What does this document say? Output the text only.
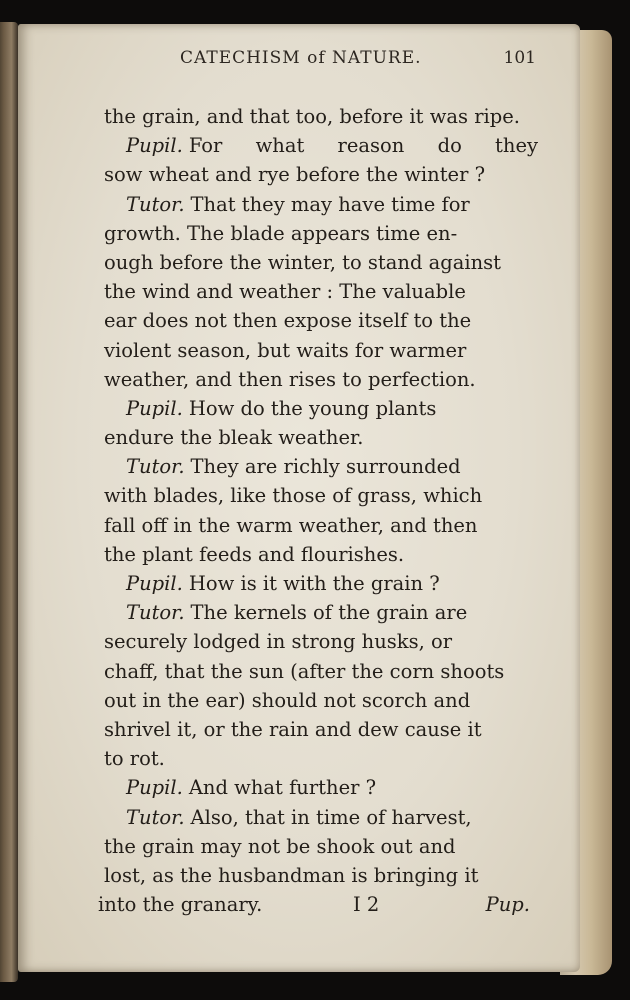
CATECHISM of NATURE.	101
the grain, and that too, before it was ripe.
Pupil. For what reason do they
sow wheat and rye before the winter ?
Tutor. That they may have time for
growth. The blade appears time en-
ough before the winter, to stand against
the wind and weather : The valuable
ear does not then expose itself to the
violent season, but waits for warmer
weather, and then rises to perfection.
Pupil. How do the young plants
endure the bleak weather.
Tutor. They are richly surrounded
with blades, like those of grass, which
fall off in the warm weather, and then
the plant feeds and flourishes.
Pupil. How is it with the grain ?
Tutor. The kernels of the grain are
securely lodged in strong husks, or
chaff, that the sun (after the corn shoots
out in the ear) should not scorch and
shrivel it, or the rain and dew cause it
to rot.
Pupil. And what further ?
Tutor. Also, that in time of harvest,
the grain may not be shook out and
lost, as the husbandman is bringing it
into the granary.	I 2	Pup.
